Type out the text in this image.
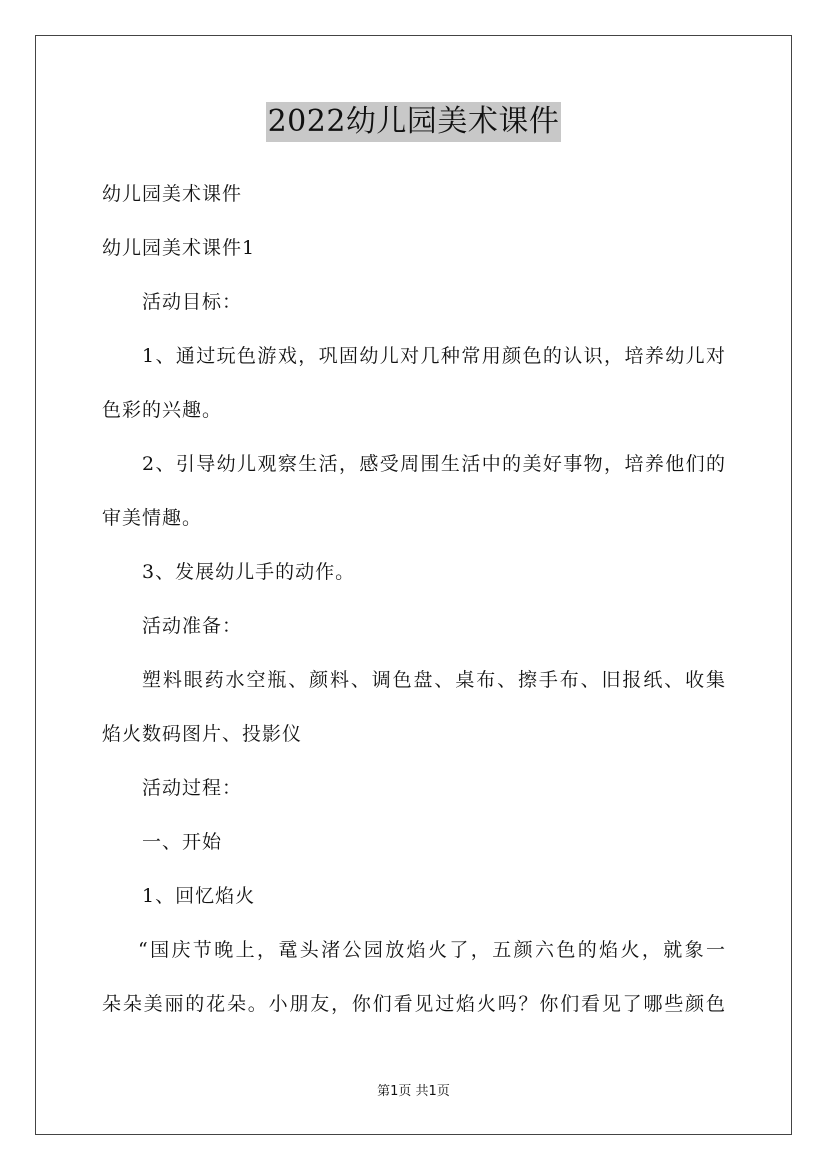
2022幼儿园美术课件
幼儿园美术课件
幼儿园美术课件1
活动目标：
1、通过玩色游戏，巩固幼儿对几种常用颜色的认识，培养幼儿对
色彩的兴趣。
2、引导幼儿观察生活，感受周围生活中的美好事物，培养他们的
审美情趣。
3、发展幼儿手的动作。
活动准备：
塑料眼药水空瓶、颜料、调色盘、桌布、擦手布、旧报纸、收集
焰火数码图片、投影仪
活动过程：
一、开始
1、回忆焰火
“国庆节晚上，鼋头渚公园放焰火了，五颜六色的焰火，就象一
朵朵美丽的花朵。小朋友，你们看见过焰火吗？你们看见了哪些颜色
第1页 共1页
